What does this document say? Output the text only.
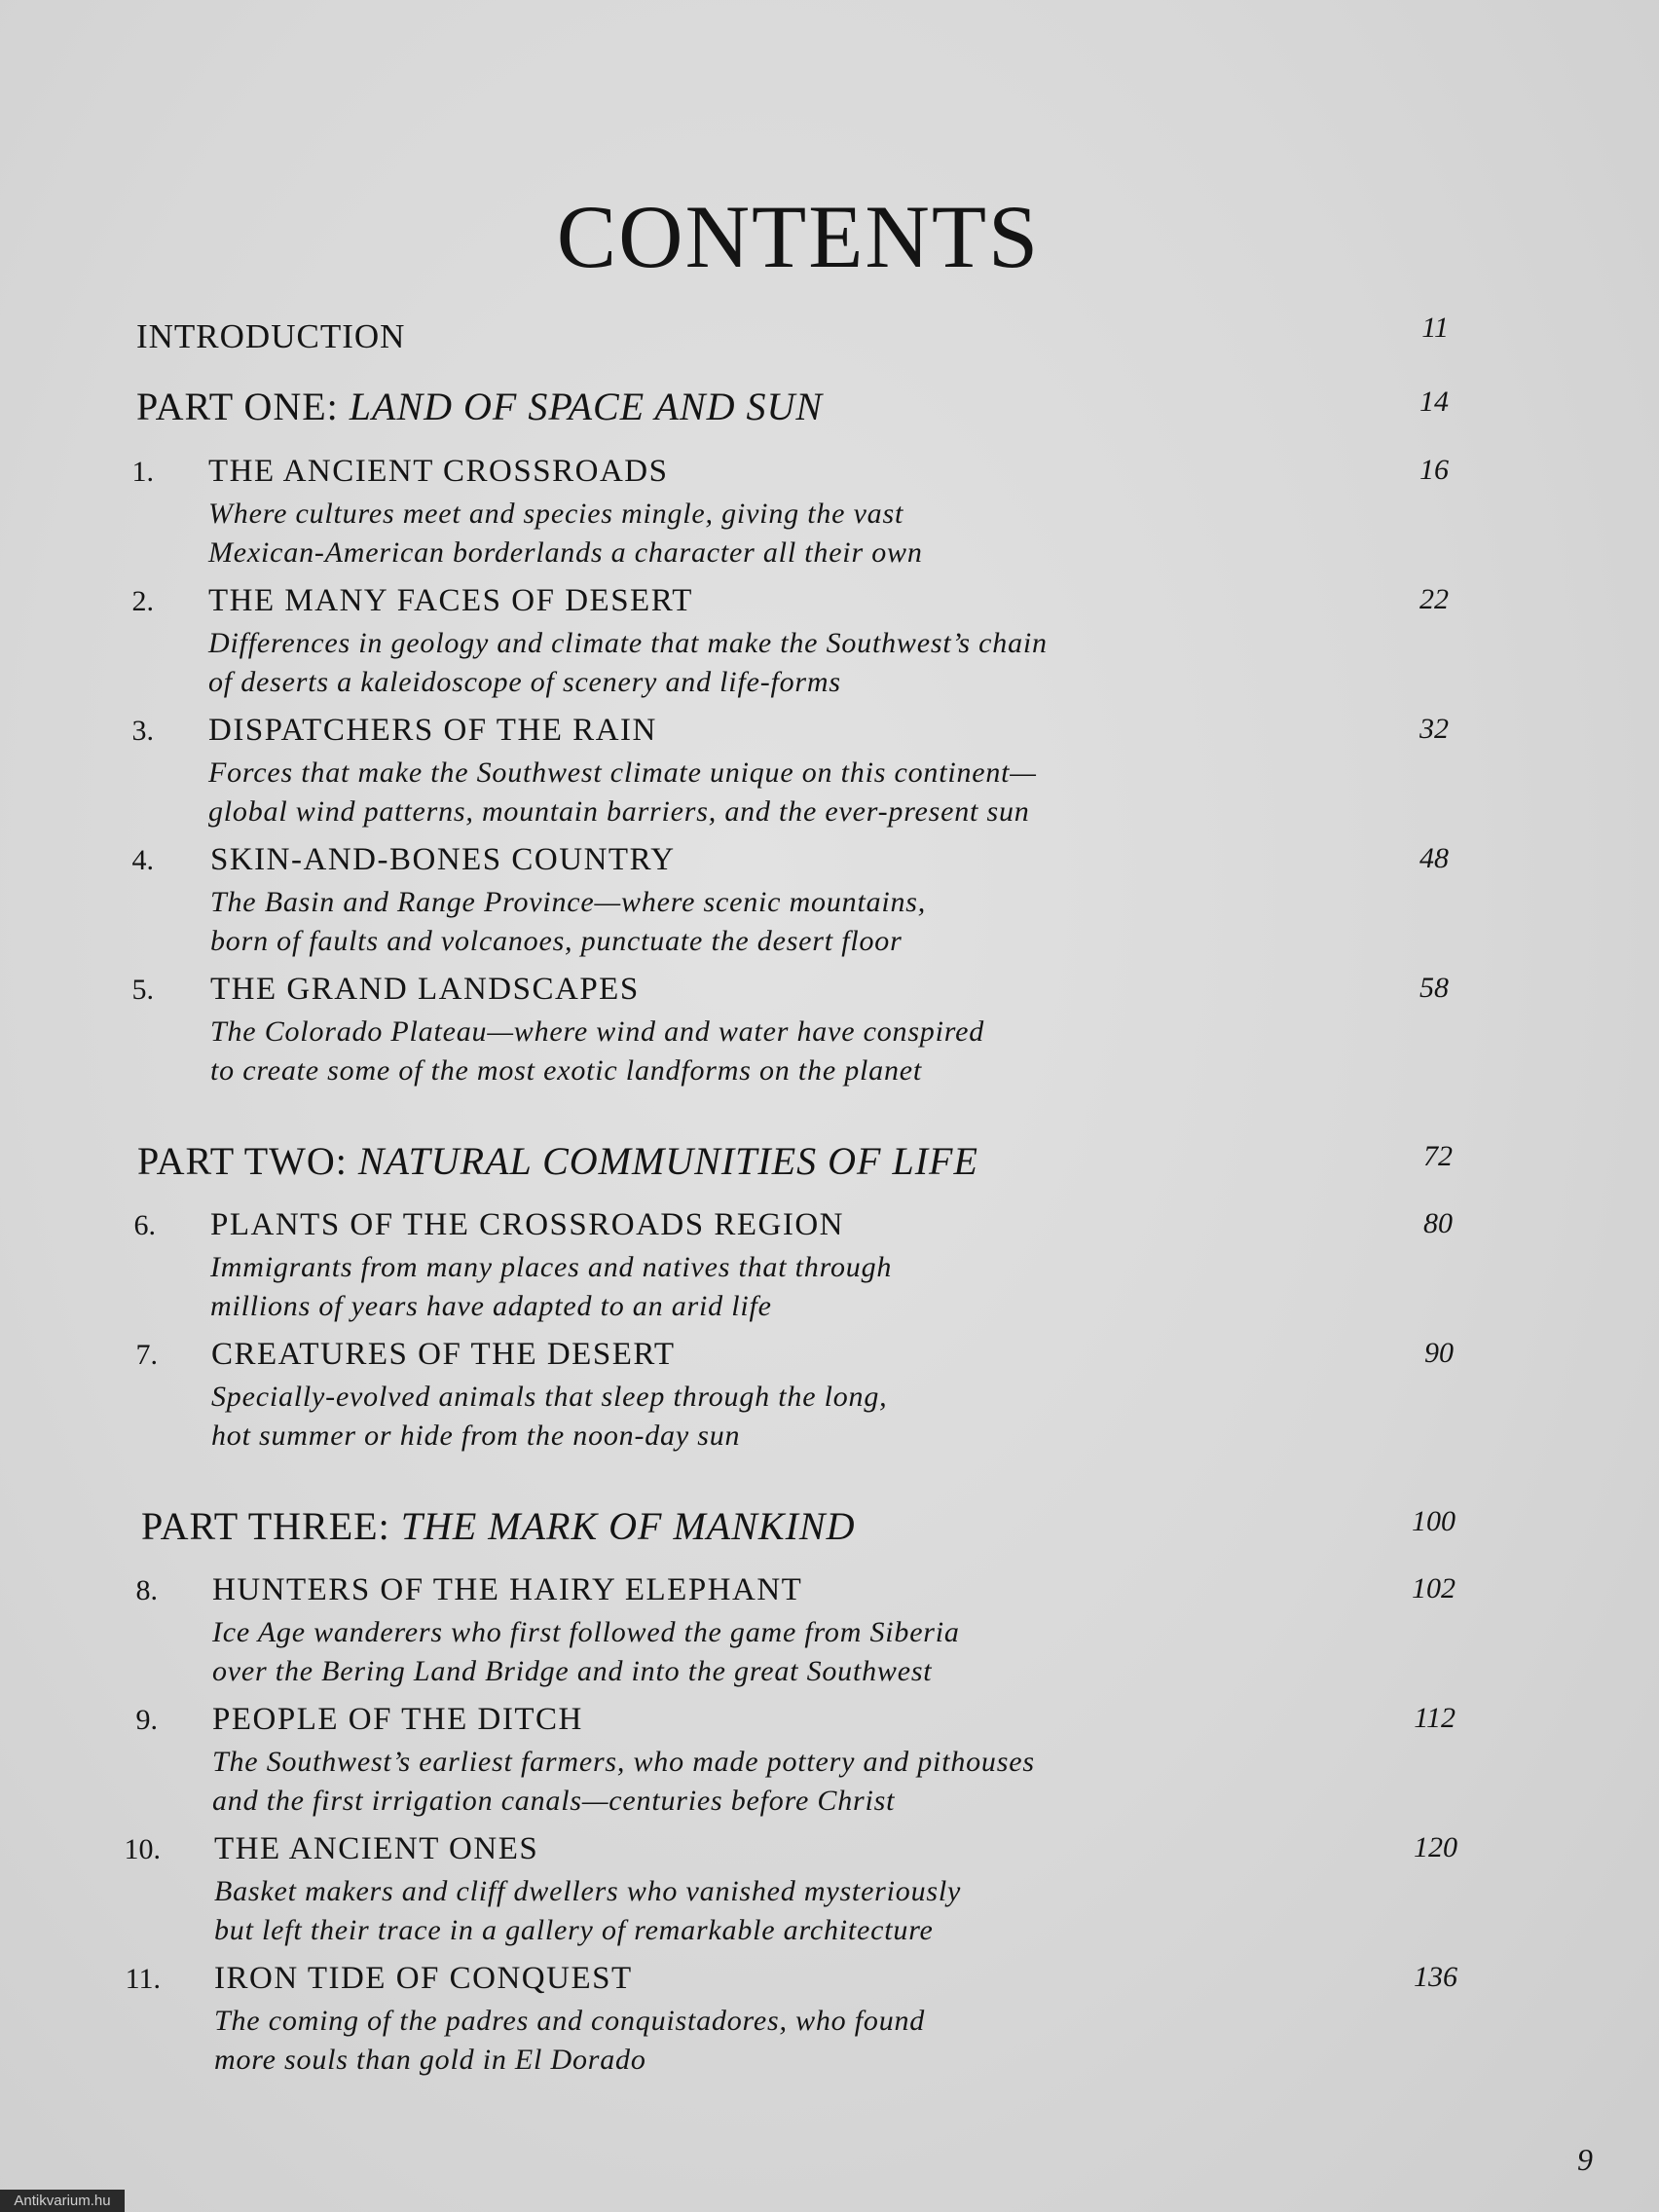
CONTENTS
INTRODUCTION	11
PART ONE: LAND OF SPACE AND SUN	14
1. THE ANCIENT CROSSROADS	16
Where cultures meet and species mingle, giving the vast
Mexican-American borderlands a character all their own
2. THE MANY FACES OF DESERT	22
Differences in geology and climate that make the Southwest’s chain
of deserts a kaleidoscope of scenery and life-forms
3. DISPATCHERS OF THE RAIN	32
Forces that make the Southwest climate unique on this continent—
global wind patterns, mountain barriers, and the ever-present sun
4. SKIN-AND-BONES COUNTRY	48
The Basin and Range Province—where scenic mountains,
born of faults and volcanoes, punctuate the desert floor
5. THE GRAND LANDSCAPES	58
The Colorado Plateau—where wind and water have conspired
to create some of the most exotic landforms on the planet
PART TWO: NATURAL COMMUNITIES OF LIFE	72
6. PLANTS OF THE CROSSROADS REGION	80
Immigrants from many places and natives that through
millions of years have adapted to an arid life
7. CREATURES OF THE DESERT	90
Specially-evolved animals that sleep through the long,
hot summer or hide from the noon-day sun
PART THREE: THE MARK OF MANKIND	100
8. HUNTERS OF THE HAIRY ELEPHANT	102
Ice Age wanderers who first followed the game from Siberia
over the Bering Land Bridge and into the great Southwest
9. PEOPLE OF THE DITCH	112
The Southwest’s earliest farmers, who made pottery and pithouses
and the first irrigation canals—centuries before Christ
10. THE ANCIENT ONES	120
Basket makers and cliff dwellers who vanished mysteriously
but left their trace in a gallery of remarkable architecture
11. IRON TIDE OF CONQUEST	136
The coming of the padres and conquistadores, who found
more souls than gold in El Dorado
9
Antikvarium.hu
